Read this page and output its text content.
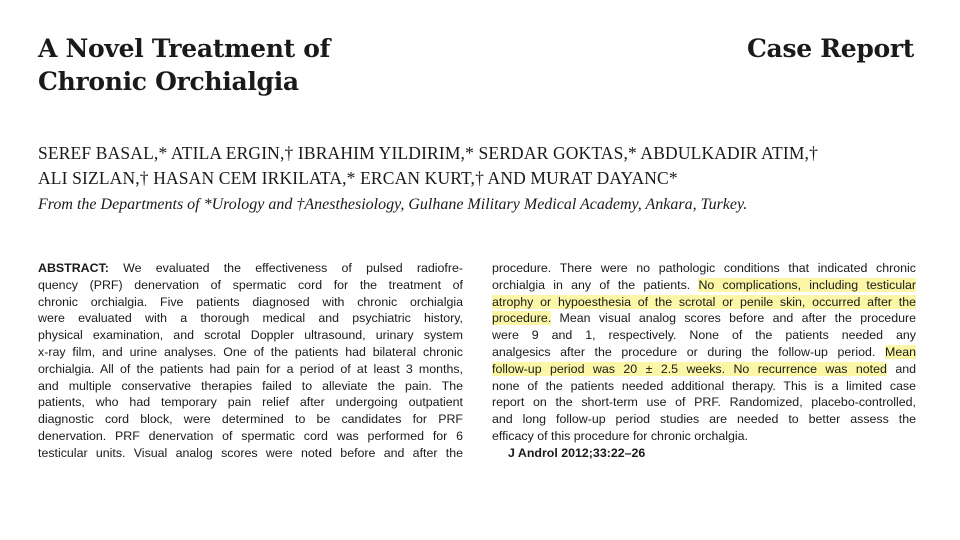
A Novel Treatment of
Chronic Orchialgia
Case Report
SEREF BASAL,* ATILA ERGIN,† IBRAHIM YILDIRIM,* SERDAR GOKTAS,* ABDULKADIR ATIM,†
ALI SIZLAN,† HASAN CEM IRKILATA,* ERCAN KURT,† AND MURAT DAYANC*
From the Departments of *Urology and †Anesthesiology, Gulhane Military Medical Academy, Ankara, Turkey.
ABSTRACT: We evaluated the effectiveness of pulsed radiofre-
quency (PRF) denervation of spermatic cord for the treatment of
chronic orchialgia. Five patients diagnosed with chronic orchialgia
were evaluated with a thorough medical and psychiatric history,
physical examination, and scrotal Doppler ultrasound, urinary system
x-ray film, and urine analyses. One of the patients had bilateral chronic
orchialgia. All of the patients had pain for a period of at least 3 months,
and multiple conservative therapies failed to alleviate the pain. The
patients, who had temporary pain relief after undergoing outpatient
diagnostic cord block, were determined to be candidates for PRF
denervation. PRF denervation of spermatic cord was performed for 6
testicular units. Visual analog scores were noted before and after the
procedure. There were no pathologic conditions that indicated chronic
orchialgia in any of the patients. No complications, including testicular
atrophy or hypoesthesia of the scrotal or penile skin, occurred after the
procedure. Mean visual analog scores before and after the procedure
were 9 and 1, respectively. None of the patients needed any
analgesics after the procedure or during the follow-up period. Mean
follow-up period was 20 ± 2.5 weeks. No recurrence was noted and
none of the patients needed additional therapy. This is a limited case
report on the short-term use of PRF. Randomized, placebo-controlled,
and long follow-up period studies are needed to better assess the
efficacy of this procedure for chronic orchalgia.
J Androl 2012;33:22–26
